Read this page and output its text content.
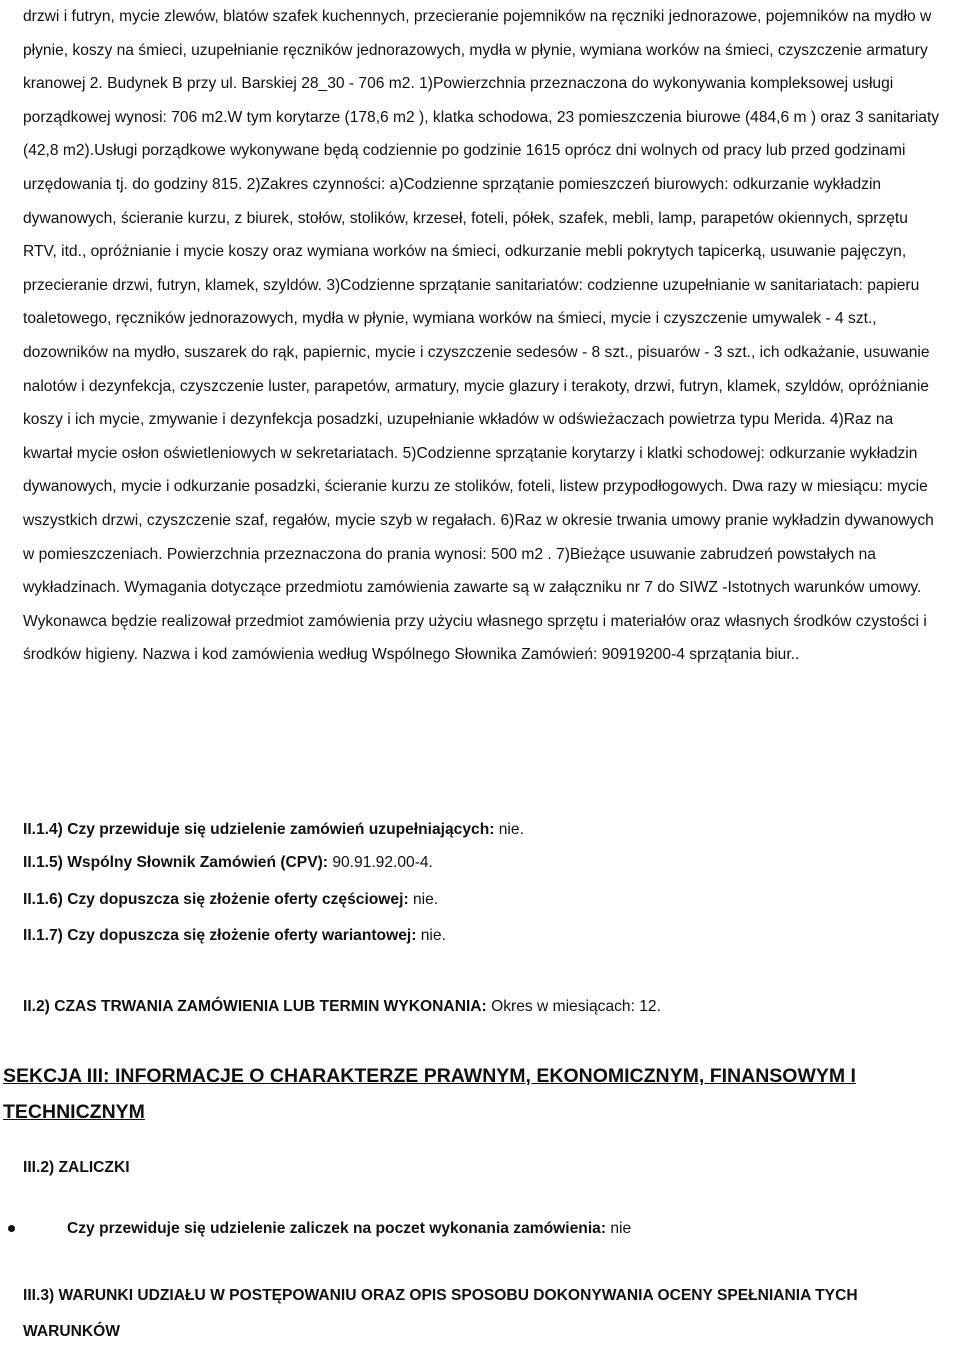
drzwi i futryn, mycie zlewów, blatów szafek kuchennych, przecieranie pojemników na ręczniki jednorazowe, pojemników na mydło w płynie, koszy na śmieci, uzupełnianie ręczników jednorazowych, mydła w płynie, wymiana worków na śmieci, czyszczenie armatury kranowej 2. Budynek B przy ul. Barskiej 28_30 - 706 m2. 1)Powierzchnia przeznaczona do wykonywania kompleksowej usługi porządkowej wynosi: 706 m2.W tym korytarze (178,6 m2 ), klatka schodowa, 23 pomieszczenia biurowe (484,6 m ) oraz 3 sanitariaty (42,8 m2).Usługi porządkowe wykonywane będą codziennie po godzinie 1615 oprócz dni wolnych od pracy lub przed godzinami urzędowania tj. do godziny 815. 2)Zakres czynności: a)Codzienne sprzątanie pomieszczeń biurowych: odkurzanie wykładzin dywanowych, ścieranie kurzu, z biurek, stołów, stolików, krzeseł, foteli, półek, szafek, mebli, lamp, parapetów okiennych, sprzętu RTV, itd., opróżnianie i mycie koszy oraz wymiana worków na śmieci, odkurzanie mebli pokrytych tapicerką, usuwanie pajęczyn, przecieranie drzwi, futryn, klamek, szyldów. 3)Codzienne sprzątanie sanitariatów: codzienne uzupełnianie w sanitariatach: papieru toaletowego, ręczników jednorazowych, mydła w płynie, wymiana worków na śmieci, mycie i czyszczenie umywalek - 4 szt., dozowników na mydło, suszarek do rąk, papiernic, mycie i czyszczenie sedesów - 8 szt., pisuarów - 3 szt., ich odkażanie, usuwanie nalotów i dezynfekcja, czyszczenie luster, parapetów, armatury, mycie glazury i terakoty, drzwi, futryn, klamek, szyldów, opróżnianie koszy i ich mycie, zmywanie i dezynfekcja posadzki, uzupełnianie wkładów w odświeżaczach powietrza typu Merida. 4)Raz na kwartał mycie osłon oświetleniowych w sekretariatach. 5)Codzienne sprzątanie korytarzy i klatki schodowej: odkurzanie wykładzin dywanowych, mycie i odkurzanie posadzki, ścieranie kurzu ze stolików, foteli, listew przypodłogowych. Dwa razy w miesiącu: mycie wszystkich drzwi, czyszczenie szaf, regałów, mycie szyb w regałach. 6)Raz w okresie trwania umowy pranie wykładzin dywanowych w pomieszczeniach. Powierzchnia przeznaczona do prania wynosi: 500 m2 . 7)Bieżące usuwanie zabrudzeń powstałych na wykładzinach. Wymagania dotyczące przedmiotu zamówienia zawarte są w załączniku nr 7 do SIWZ -Istotnych warunków umowy. Wykonawca będzie realizował przedmiot zamówienia przy użyciu własnego sprzętu i materiałów oraz własnych środków czystości i środków higieny. Nazwa i kod zamówienia według Wspólnego Słownika Zamówień: 90919200-4 sprzątania biur..

II.1.4) Czy przewiduje się udzielenie zamówień uzupełniających: nie.

II.1.5) Wspólny Słownik Zamówień (CPV): 90.91.92.00-4.

II.1.6) Czy dopuszcza się złożenie oferty częściowej: nie.

II.1.7) Czy dopuszcza się złożenie oferty wariantowej: nie.

II.2) CZAS TRWANIA ZAMÓWIENIA LUB TERMIN WYKONANIA: Okres w miesiącach: 12.

SEKCJA III: INFORMACJE O CHARAKTERZE PRAWNYM, EKONOMICZNYM, FINANSOWYM I TECHNICZNYM
III.2) ZALICZKI
Czy przewiduje się udzielenie zaliczek na poczet wykonania zamówienia: nie
III.3) WARUNKI UDZIAŁU W POSTĘPOWANIU ORAZ OPIS SPOSOBU DOKONYWANIA OCENY SPEŁNIANIA TYCH WARUNKÓW
